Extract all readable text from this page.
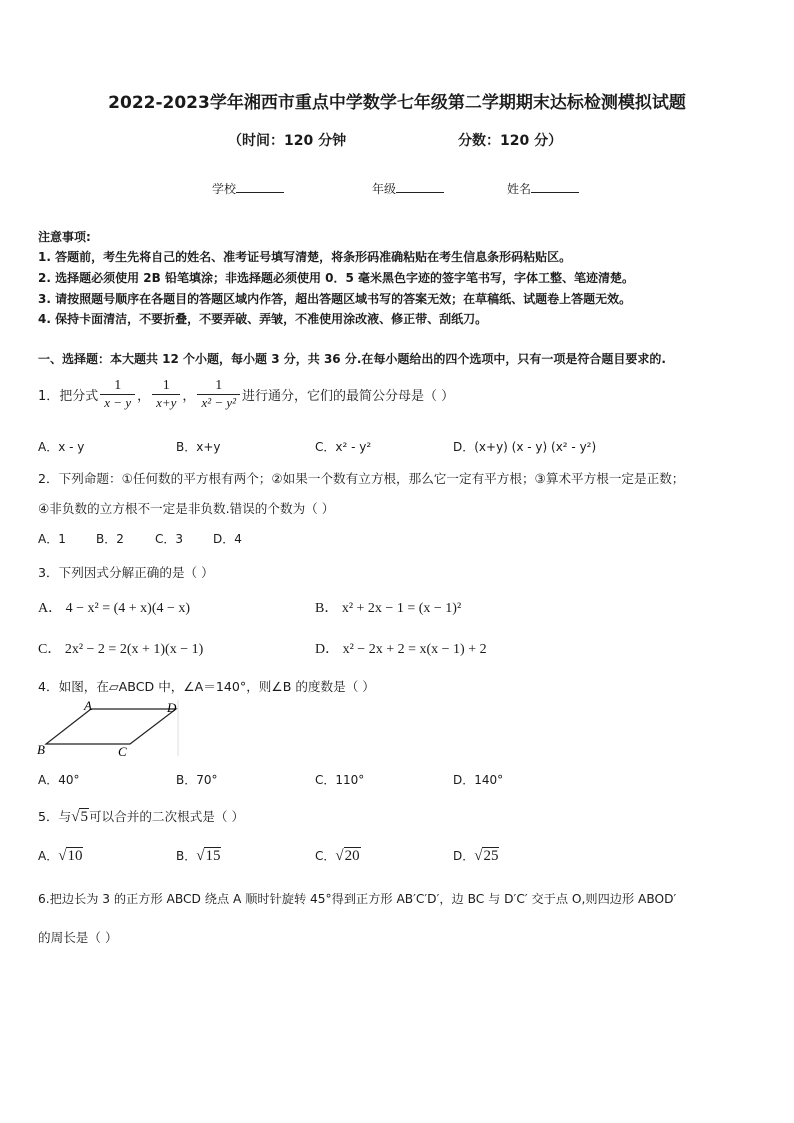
2022-2023学年湘西市重点中学数学七年级第二学期期末达标检测模拟试题
（时间：120 分钟	分数：120 分）
学校	年级	姓名
注意事项:
1. 答题前，考生先将自己的姓名、准考证号填写清楚，将条形码准确粘贴在考生信息条形码粘贴区。
2. 选择题必须使用 2B 铅笔填涂；非选择题必须使用 0．5 毫米黑色字迹的签字笔书写，字体工整、笔迹清楚。
3. 请按照题号顺序在各题目的答题区域内作答，超出答题区域书写的答案无效；在草稿纸、试题卷上答题无效。
4. 保持卡面清洁，不要折叠，不要弄破、弄皱，不准使用涂改液、修正带、刮纸刀。
一、选择题：本大题共 12 个小题，每小题 3 分，共 36 分.在每小题给出的四个选项中，只有一项是符合题目要求的.
1．把分式 $\frac{1}{x - y}$ ， $\frac{1}{x+y}$ ， $\frac{1}{\text{x² − y²}}$ 进行通分，它们的最简公分母是（ ）
A．x - y	B．x+y	C．x² - y²	D．(x+y) (x - y) (x² - y²)
2．下列命题：①任何数的平方根有两个；②如果一个数有立方根，那么它一定有平方根；③算术平方根一定是正数；
④非负数的立方根不一定是非负数.错误的个数为（ ）
A．1	B．2	C．3 D．4
3．下列因式分解正确的是（ ）
A． 4 − x² = (4 + x)(4 − x)	B． x² + 2x − 1 = (x − 1)²
C． 2x² − 2 = 2(x + 1)(x − 1)	D． x² − 2x + 2 = x(x − 1) + 2
4．如图，在▱ABCD 中，∠A＝140°，则∠B 的度数是（ ）
A	D
B	C
A．40°	B．70°	C．110°	D．140°
5．与√5可以合并的二次根式是（ ）
A．√10	B．√15	C．√20	D．√25
6.把边长为 3 的正方形 ABCD 绕点 A 顺时针旋转 45°得到正方形 AB′C′D′，边 BC 与 D′C′ 交于点 O,则四边形 ABOD′
的周长是（ ）
